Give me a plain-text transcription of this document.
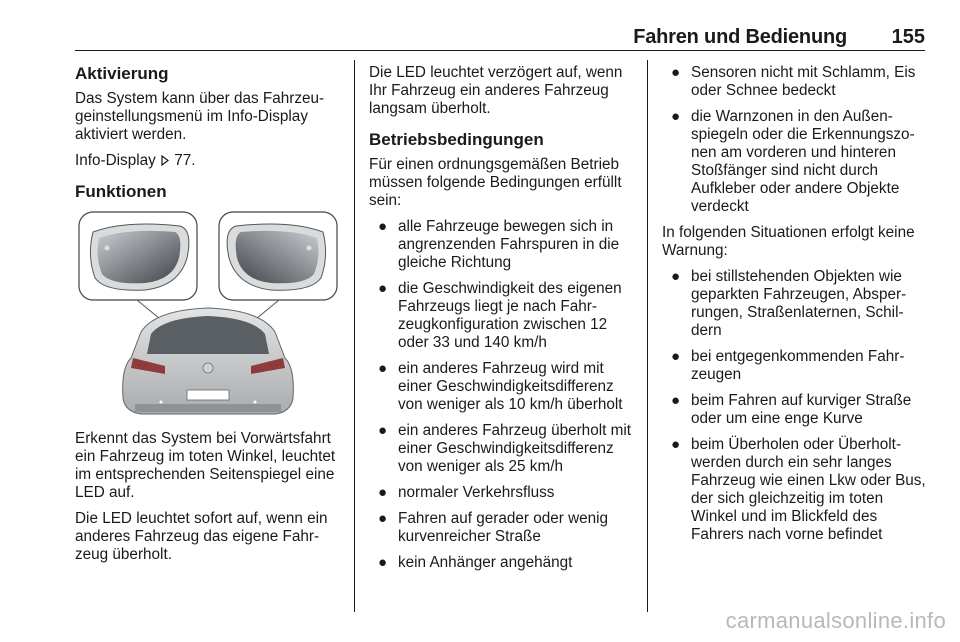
Fahren und Bedienung 155
Aktivierung

Das System kann über das Fahrzeugeinstellungsmenü im Info-Display aktiviert werden.

Info-Display  77.

Funktionen

Erkennt das System bei Vorwärtsfahrt ein Fahrzeug im toten Winkel, leuchtet im entsprechenden Seitenspiegel eine LED auf.

Die LED leuchtet sofort auf, wenn ein anderes Fahrzeug das eigene Fahrzeug überholt.

Die LED leuchtet verzögert auf, wenn Ihr Fahrzeug ein anderes Fahrzeug langsam überholt.

Betriebsbedingungen

Für einen ordnungsgemäßen Betrieb müssen folgende Bedingungen erfüllt sein:

● alle Fahrzeuge bewegen sich in angrenzenden Fahrspuren in die gleiche Richtung
● die Geschwindigkeit des eigenen Fahrzeugs liegt je nach Fahrzeugkonfiguration zwischen 12 oder 33 und 140 km/h
● ein anderes Fahrzeug wird mit einer Geschwindigkeitsdifferenz von weniger als 10 km/h überholt
● ein anderes Fahrzeug überholt mit einer Geschwindigkeitsdifferenz von weniger als 25 km/h
● normaler Verkehrsfluss
● Fahren auf gerader oder wenig kurvenreicher Straße
● kein Anhänger angehängt
● Sensoren nicht mit Schlamm, Eis oder Schnee bedeckt
● die Warnzonen in den Außenspiegeln oder die Erkennungszonen am vorderen und hinteren Stoßfänger sind nicht durch Aufkleber oder andere Objekte verdeckt

In folgenden Situationen erfolgt keine Warnung:

● bei stillstehenden Objekten wie geparkten Fahrzeugen, Absperrungen, Straßenlaternen, Schildern
● bei entgegenkommenden Fahrzeugen
● beim Fahren auf kurviger Straße oder um eine enge Kurve
● beim Überholen oder Überholtwerden durch ein sehr langes Fahrzeug wie einen Lkw oder Bus, der sich gleichzeitig im toten Winkel und im Blickfeld des Fahrers nach vorne befindet
carmanualsonline.info
